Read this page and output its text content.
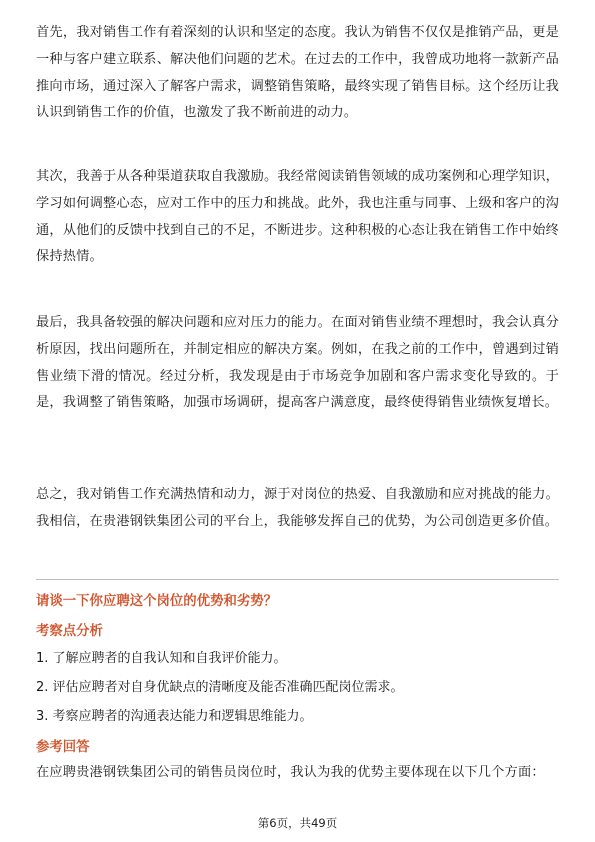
首先，我对销售工作有着深刻的认识和坚定的态度。我认为销售不仅仅是推销产品，更是一种与客户建立联系、解决他们问题的艺术。在过去的工作中，我曾成功地将一款新产品推向市场，通过深入了解客户需求，调整销售策略，最终实现了销售目标。这个经历让我认识到销售工作的价值，也激发了我不断前进的动力。

其次，我善于从各种渠道获取自我激励。我经常阅读销售领域的成功案例和心理学知识，学习如何调整心态，应对工作中的压力和挑战。此外，我也注重与同事、上级和客户的沟通，从他们的反馈中找到自己的不足，不断进步。这种积极的心态让我在销售工作中始终保持热情。

最后，我具备较强的解决问题和应对压力的能力。在面对销售业绩不理想时，我会认真分析原因，找出问题所在，并制定相应的解决方案。例如，在我之前的工作中，曾遇到过销售业绩下滑的情况。经过分析，我发现是由于市场竞争加剧和客户需求变化导致的。于是，我调整了销售策略，加强市场调研，提高客户满意度，最终使得销售业绩恢复增长。

总之，我对销售工作充满热情和动力，源于对岗位的热爱、自我激励和应对挑战的能力。我相信，在贵港钢铁集团公司的平台上，我能够发挥自己的优势，为公司创造更多价值。

请谈一下你应聘这个岗位的优势和劣势？

考察点分析

1. 了解应聘者的自我认知和自我评价能力。
2. 评估应聘者对自身优缺点的清晰度及能否准确匹配岗位需求。
3. 考察应聘者的沟通表达能力和逻辑思维能力。

参考回答

在应聘贵港钢铁集团公司的销售员岗位时，我认为我的优势主要体现在以下几个方面：

第6页，共49页
